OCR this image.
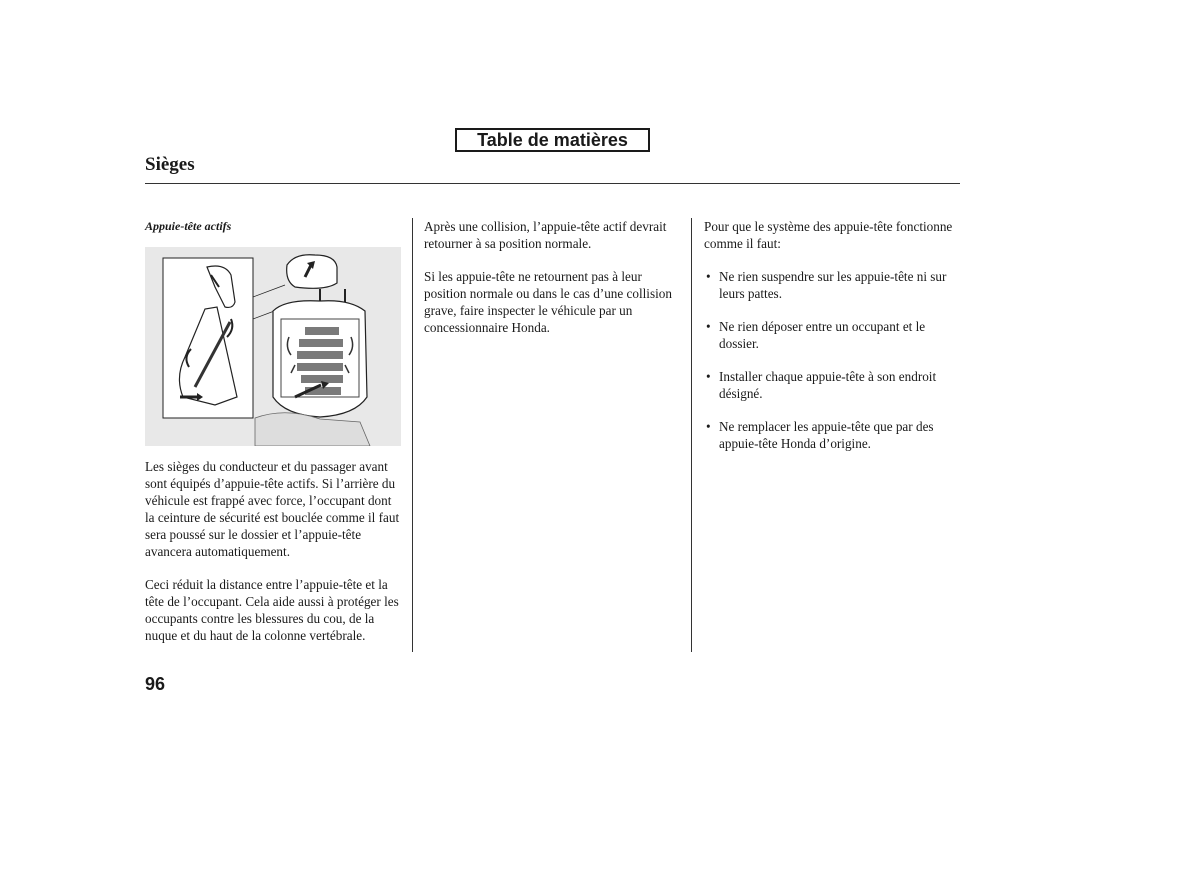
Table de matières
Sièges
Appuie-tête actifs

Les sièges du conducteur et du passager avant sont équipés d’appuie-tête actifs. Si l’arrière du véhicule est frappé avec force, l’occupant dont la ceinture de sécurité est bouclée comme il faut sera poussé sur le dossier et l’appuie-tête avancera automatiquement.

Ceci réduit la distance entre l’appuie-tête et la tête de l’occupant. Cela aide aussi à protéger les occupants contre les blessures du cou, de la nuque et du haut de la colonne vertébrale.

Après une collision, l’appuie-tête actif devrait retourner à sa position normale.

Si les appuie-tête ne retournent pas à leur position normale ou dans le cas d’une collision grave, faire inspecter le véhicule par un concessionnaire Honda.

Pour que le système des appuie-tête fonctionne comme il faut:

• Ne rien suspendre sur les appuie-tête ni sur leurs pattes.
• Ne rien déposer entre un occupant et le dossier.
• Installer chaque appuie-tête à son endroit désigné.
• Ne remplacer les appuie-tête que par des appuie-tête Honda d’origine.
96
